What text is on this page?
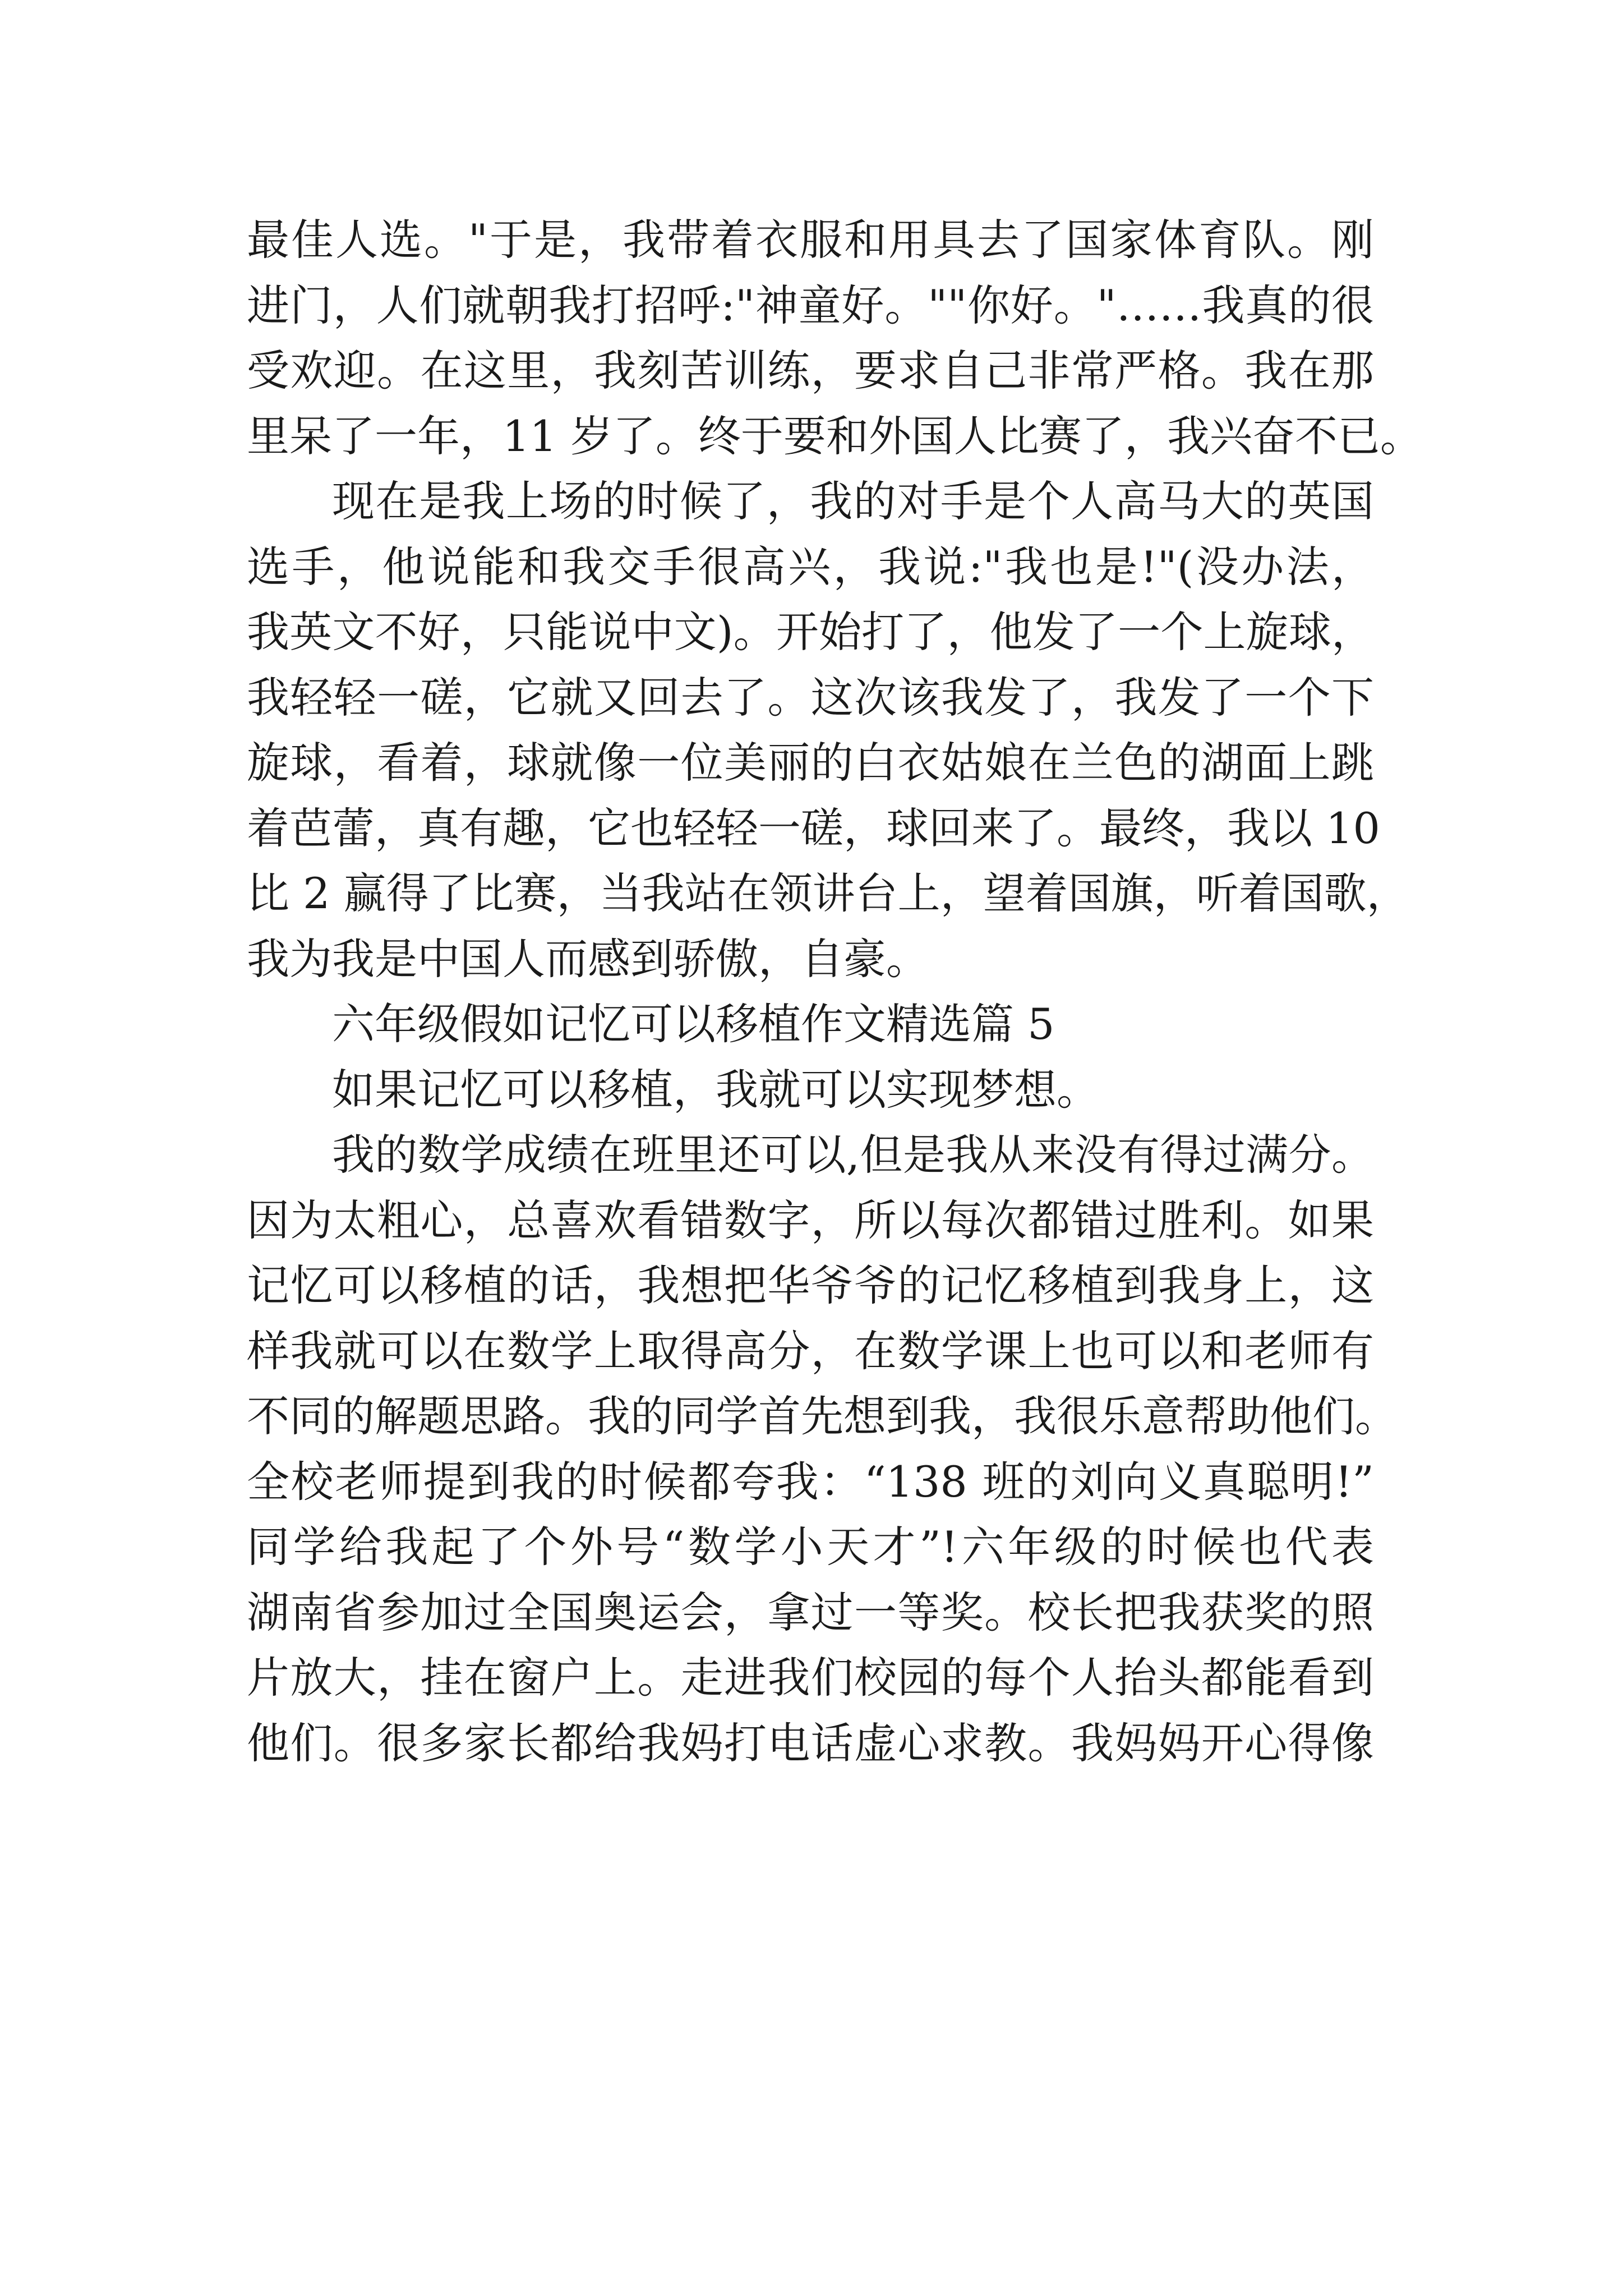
最佳人选。"于是，我带着衣服和用具去了国家体育队。刚
进门，人们就朝我打招呼:"神童好。""你好。"……我真的很
受欢迎。在这里，我刻苦训练，要求自己非常严格。我在那
里呆了一年，11 岁了。终于要和外国人比赛了，我兴奋不已。
现在是我上场的时候了，我的对手是个人高马大的英国
选手，他说能和我交手很高兴，我说:"我也是!"(没办法，
我英文不好，只能说中文)。开始打了，他发了一个上旋球，
我轻轻一磋，它就又回去了。这次该我发了，我发了一个下
旋球，看着，球就像一位美丽的白衣姑娘在兰色的湖面上跳
着芭蕾，真有趣，它也轻轻一磋，球回来了。最终，我以 10
比 2 赢得了比赛，当我站在领讲台上，望着国旗，听着国歌，
我为我是中国人而感到骄傲，自豪。
六年级假如记忆可以移植作文精选篇 5
如果记忆可以移植，我就可以实现梦想。
我的数学成绩在班里还可以,但是我从来没有得过满分。
因为太粗心，总喜欢看错数字，所以每次都错过胜利。如果
记忆可以移植的话，我想把华爷爷的记忆移植到我身上，这
样我就可以在数学上取得高分，在数学课上也可以和老师有
不同的解题思路。我的同学首先想到我，我很乐意帮助他们。
全校老师提到我的时候都夸我：“138 班的刘向义真聪明!”
同学给我起了个外号“数学小天才”!六年级的时候也代表
湖南省参加过全国奥运会，拿过一等奖。校长把我获奖的照
片放大，挂在窗户上。走进我们校园的每个人抬头都能看到
他们。很多家长都给我妈打电话虚心求教。我妈妈开心得像
